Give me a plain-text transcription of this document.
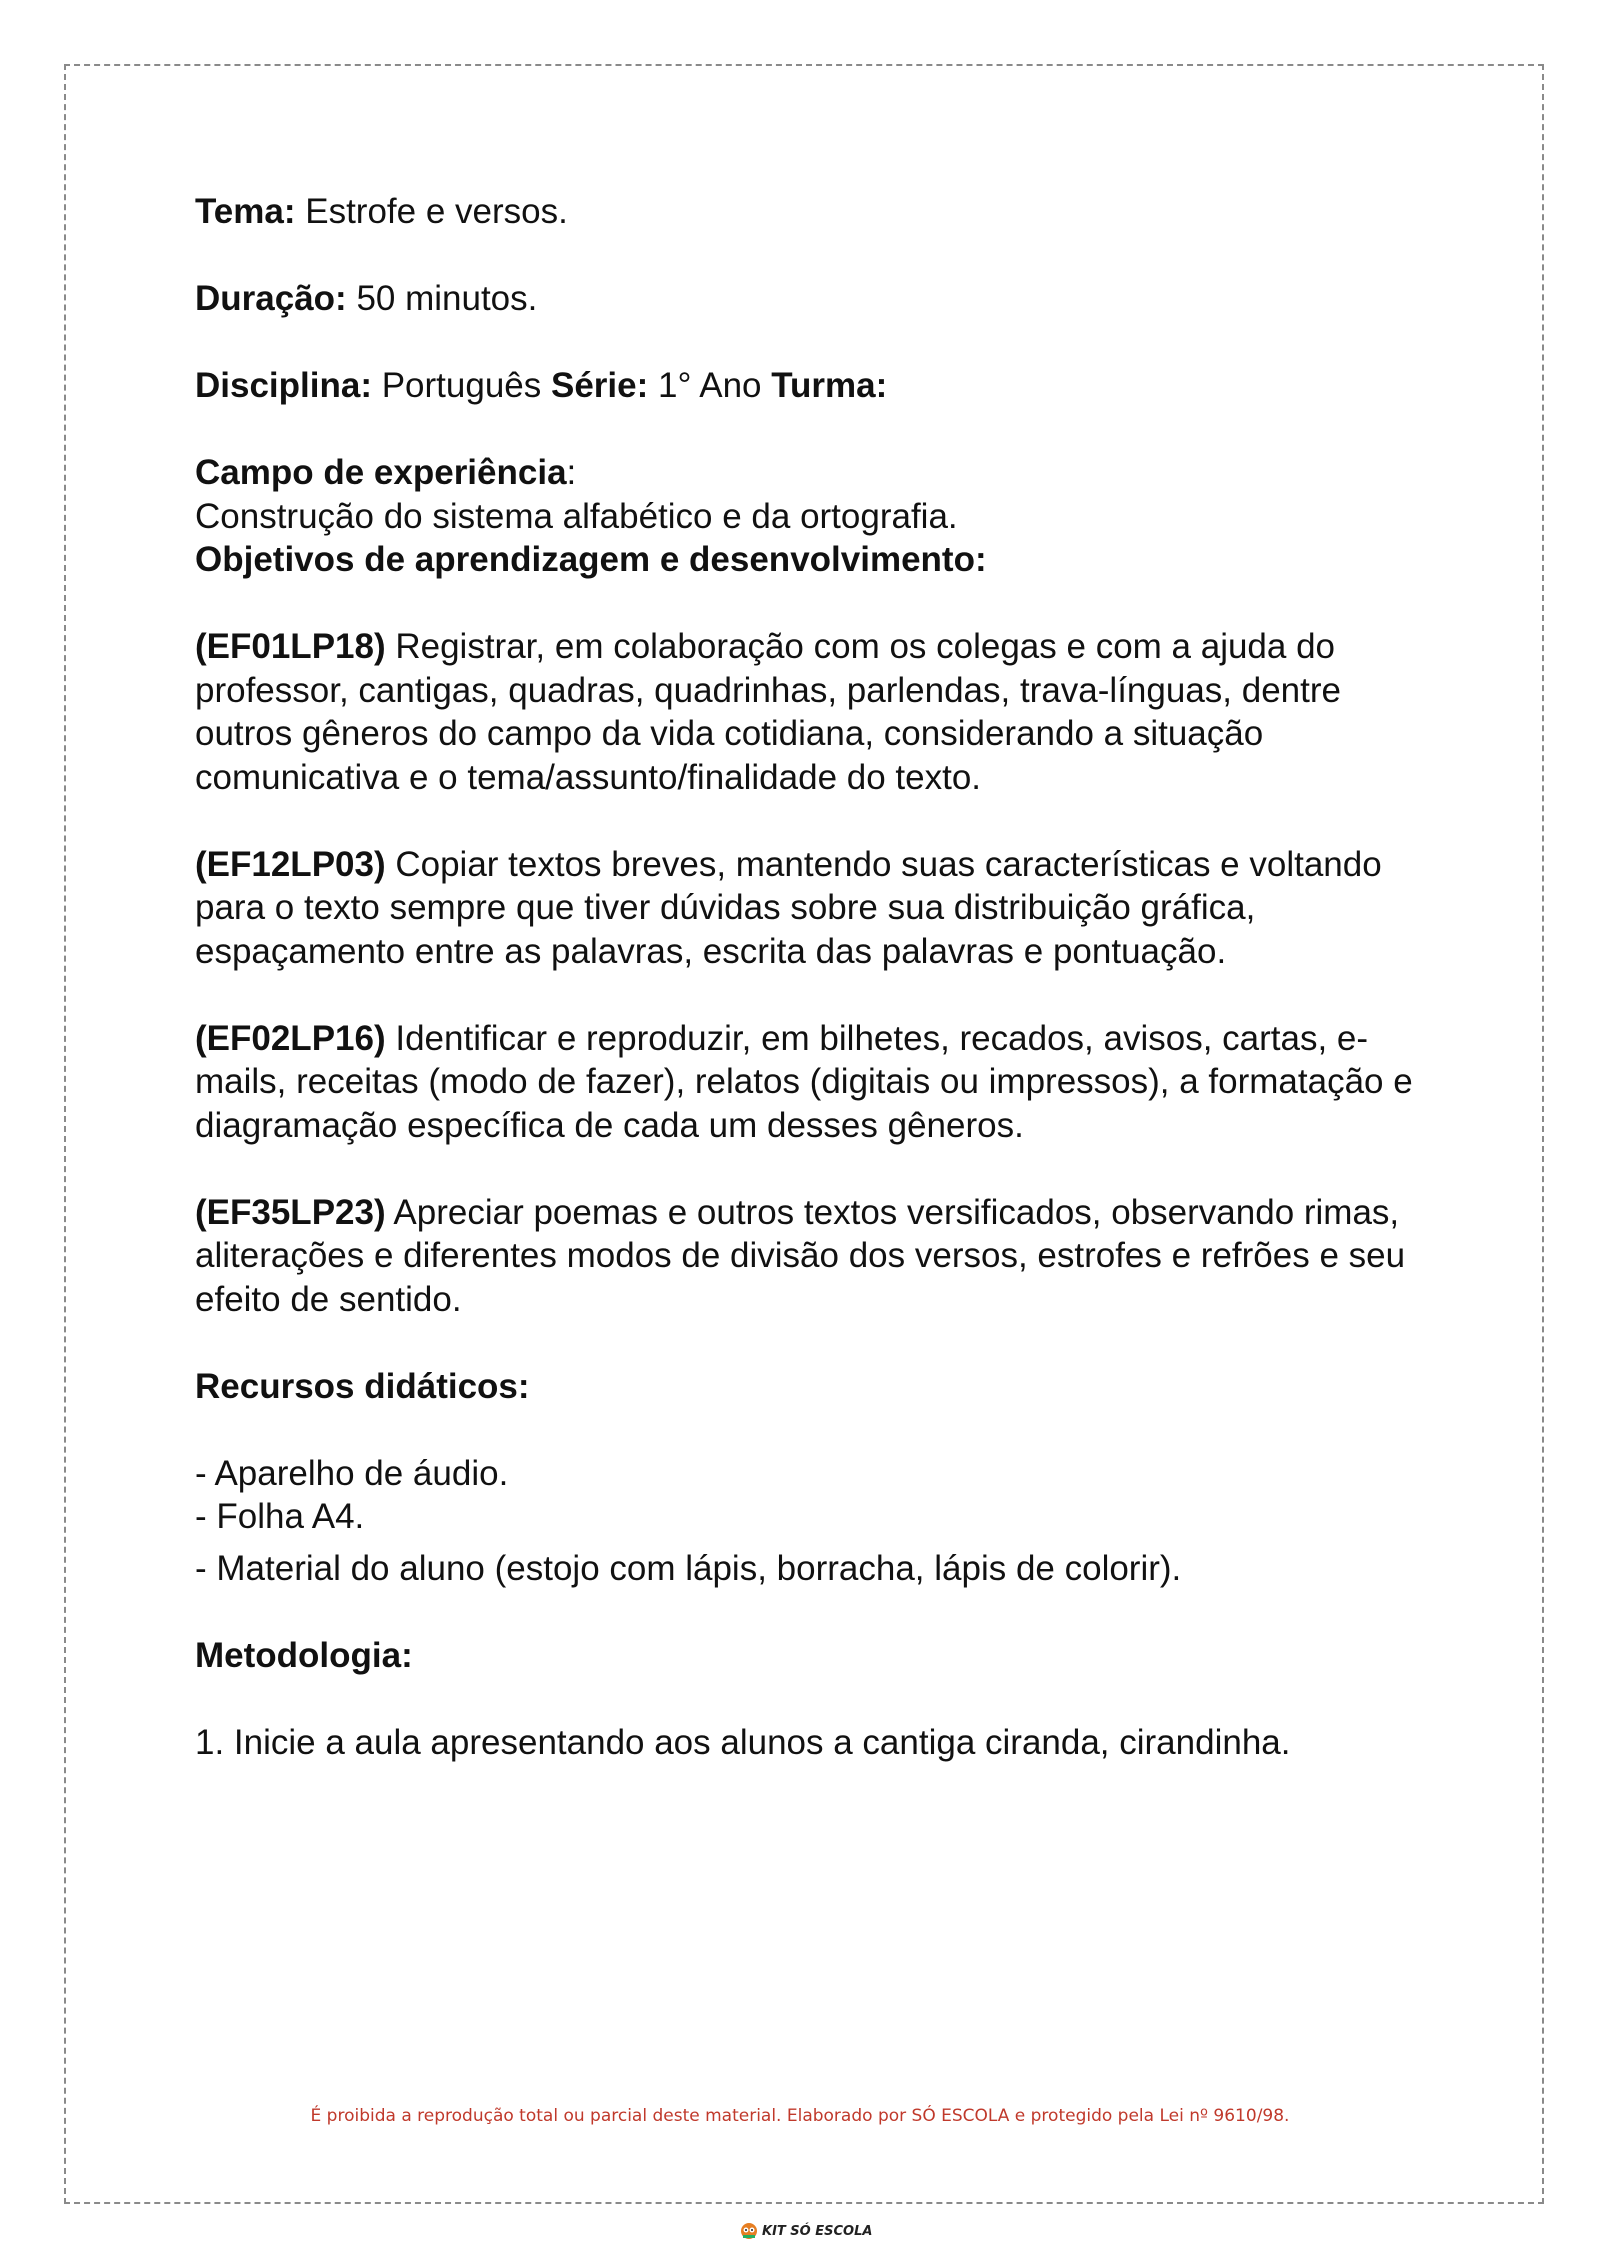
Tema: Estrofe e versos.

Duração: 50 minutos.

Disciplina: Português Série: 1° Ano Turma:

Campo de experiência:

Construção do sistema alfabético e da ortografia.

Objetivos de aprendizagem e desenvolvimento:

(EF01LP18) Registrar, em colaboração com os colegas e com a ajuda do professor, cantigas, quadras, quadrinhas, parlendas, trava-línguas, dentre outros gêneros do campo da vida cotidiana, considerando a situação comunicativa e o tema/assunto/finalidade do texto.

(EF12LP03) Copiar textos breves, mantendo suas características e voltando para o texto sempre que tiver dúvidas sobre sua distribuição gráfica, espaçamento entre as palavras, escrita das palavras e pontuação.

(EF02LP16) Identificar e reproduzir, em bilhetes, recados, avisos, cartas, e-mails, receitas (modo de fazer), relatos (digitais ou impressos), a formatação e diagramação específica de cada um desses gêneros.

(EF35LP23) Apreciar poemas e outros textos versificados, observando rimas, aliterações e diferentes modos de divisão dos versos, estrofes e refrões e seu efeito de sentido.

Recursos didáticos:

- Aparelho de áudio.

- Folha A4.

- Material do aluno (estojo com lápis, borracha, lápis de colorir).

Metodologia:

1. Inicie a aula apresentando aos alunos a cantiga ciranda, cirandinha.

É proibida a reprodução total ou parcial deste material. Elaborado por SÓ ESCOLA e protegido pela Lei nº 9610/98.
KIT SÓ ESCOLA
